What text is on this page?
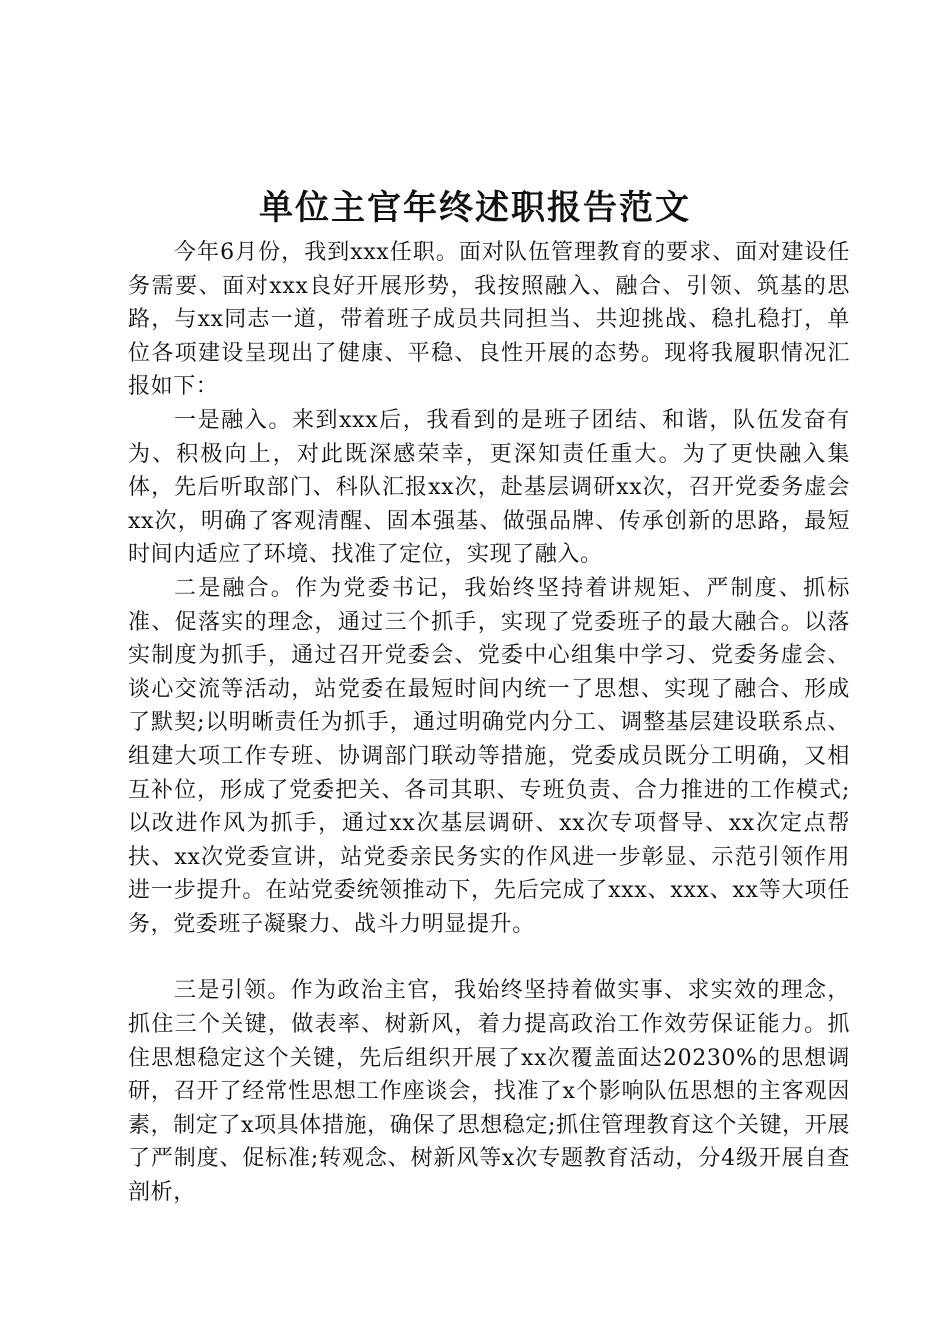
单位主官年终述职报告范文

今年6月份，我到xxx任职。面对队伍管理教育的要求、面对建设任务需要、面对xxx良好开展形势，我按照融入、融合、引领、筑基的思路，与xx同志一道，带着班子成员共同担当、共迎挑战、稳扎稳打，单位各项建设呈现出了健康、平稳、良性开展的态势。现将我履职情况汇报如下：

一是融入。来到xxx后，我看到的是班子团结、和谐，队伍发奋有为、积极向上，对此既深感荣幸，更深知责任重大。为了更快融入集体，先后听取部门、科队汇报xx次，赴基层调研xx次，召开党委务虚会xx次，明确了客观清醒、固本强基、做强品牌、传承创新的思路，最短时间内适应了环境、找准了定位，实现了融入。

二是融合。作为党委书记，我始终坚持着讲规矩、严制度、抓标准、促落实的理念，通过三个抓手，实现了党委班子的最大融合。以落实制度为抓手，通过召开党委会、党委中心组集中学习、党委务虚会、谈心交流等活动，站党委在最短时间内统一了思想、实现了融合、形成了默契;以明晰责任为抓手，通过明确党内分工、调整基层建设联系点、组建大项工作专班、协调部门联动等措施，党委成员既分工明确，又相互补位，形成了党委把关、各司其职、专班负责、合力推进的工作模式;以改进作风为抓手，通过xx次基层调研、xx次专项督导、xx次定点帮扶、xx次党委宣讲，站党委亲民务实的作风进一步彰显、示范引领作用进一步提升。在站党委统领推动下，先后完成了xxx、xxx、xx等大项任务，党委班子凝聚力、战斗力明显提升。

三是引领。作为政治主官，我始终坚持着做实事、求实效的理念，抓住三个关键，做表率、树新风，着力提高政治工作效劳保证能力。抓住思想稳定这个关键，先后组织开展了xx次覆盖面达20230%的思想调研，召开了经常性思想工作座谈会，找准了x个影响队伍思想的主客观因素，制定了x项具体措施，确保了思想稳定;抓住管理教育这个关键，开展了严制度、促标准;转观念、树新风等x次专题教育活动，分4级开展自查剖析，
